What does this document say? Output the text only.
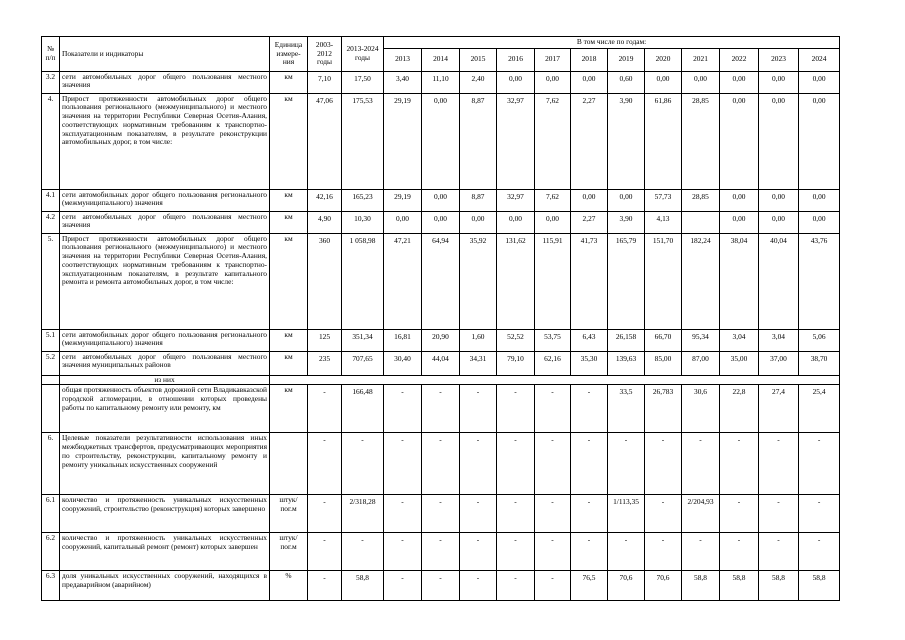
№ п/п	Показатели и индикаторы	Единица измере-ния	2003-2012 годы	2013-2024 годы	В том числе по годам:											
					2013	2014	2015	2016	2017	2018	2019	2020	2021	2022	2023	2024
3.2	сети автомобильных дорог общего пользования местного значения	км	7,10	17,50	3,40	11,10	2,40	0,00	0,00	0,00	0,60	0,00	0,00	0,00	0,00	0,00
4.	Прирост протяженности автомобильных дорог общего пользования регионального (межмуниципального) и местного значения на территории Республики Северная Осетия-Алания, соответствующих нормативным требованиям к транспортно-эксплуатационным показателям, в результате реконструкции автомобильных дорог, в том числе:	км	47,06	175,53	29,19	0,00	8,87	32,97	7,62	2,27	3,90	61,86	28,85	0,00	0,00	0,00
4.1	сети автомобильных дорог общего пользования регионального (межмуниципального) значения	км	42,16	165,23	29,19	0,00	8,87	32,97	7,62	0,00	0,00	57,73	28,85	0,00	0,00	0,00
4.2	сети автомобильных дорог общего пользования местного значения	км	4,90	10,30	0,00	0,00	0,00	0,00	0,00	2,27	3,90	4,13		0,00	0,00	0,00
5.	Прирост протяженности автомобильных дорог общего пользования регионального (межмуниципального) и местного значения на территории Республики Северная Осетия-Алания, соответствующих нормативным требованиям к транспортно-эксплуатационным показателям, в результате капитального ремонта и ремонта автомобильных дорог, в том числе:	км	360	1 058,98	47,21	64,94	35,92	131,62	115,91	41,73	165,79	151,70	182,24	38,04	40,04	43,76
5.1	сети автомобильных дорог общего пользования регионального (межмуниципального) значения	км	125	351,34	16,81	20,90	1,60	52,52	53,75	6,43	26,158	66,70	95,34	3,04	3,04	5,06
5.2	сети автомобильных дорог общего пользования местного значения муниципальных районов	км	235	707,65	30,40	44,04	34,31	79,10	62,16	35,30	139,63	85,00	87,00	35,00	37,00	38,70
	из них															
	общая протяженность объектов дорожной сети Владикавказской городской агломерации, в отношении которых проведены работы по капитальному ремонту или ремонту, км	км	-	166,48	-	-	-	-	-	-	33,5	26,783	30,6	22,8	27,4	25,4
6.	Целевые показатели результативности использования иных межбюджетных трансфертов, предусматривающих мероприятия по строительству, реконструкции, капитальному ремонту и ремонту уникальных искусственных сооружений		-	-	-	-	-	-	-	-	-	-	-	-	-	-
6.1	количество и протяженность уникальных искусственных сооружений, строительство (реконструкция) которых завершено	штук/пог.м	-	2/318,28	-	-	-	-	-	-	1/113,35	-	2/204,93	-	-	-
6.2	количество и протяженность уникальных искусственных сооружений, капитальный ремонт (ремонт) которых завершен	штук/пог.м	-	-	-	-	-	-	-	-	-	-	-	-	-	-
6.3	доля уникальных искусственных сооружений, находящихся в предаварийном (аварийном)	%	-	58,8	-	-	-	-	-	76,5	70,6	70,6	58,8	58,8	58,8	58,8
